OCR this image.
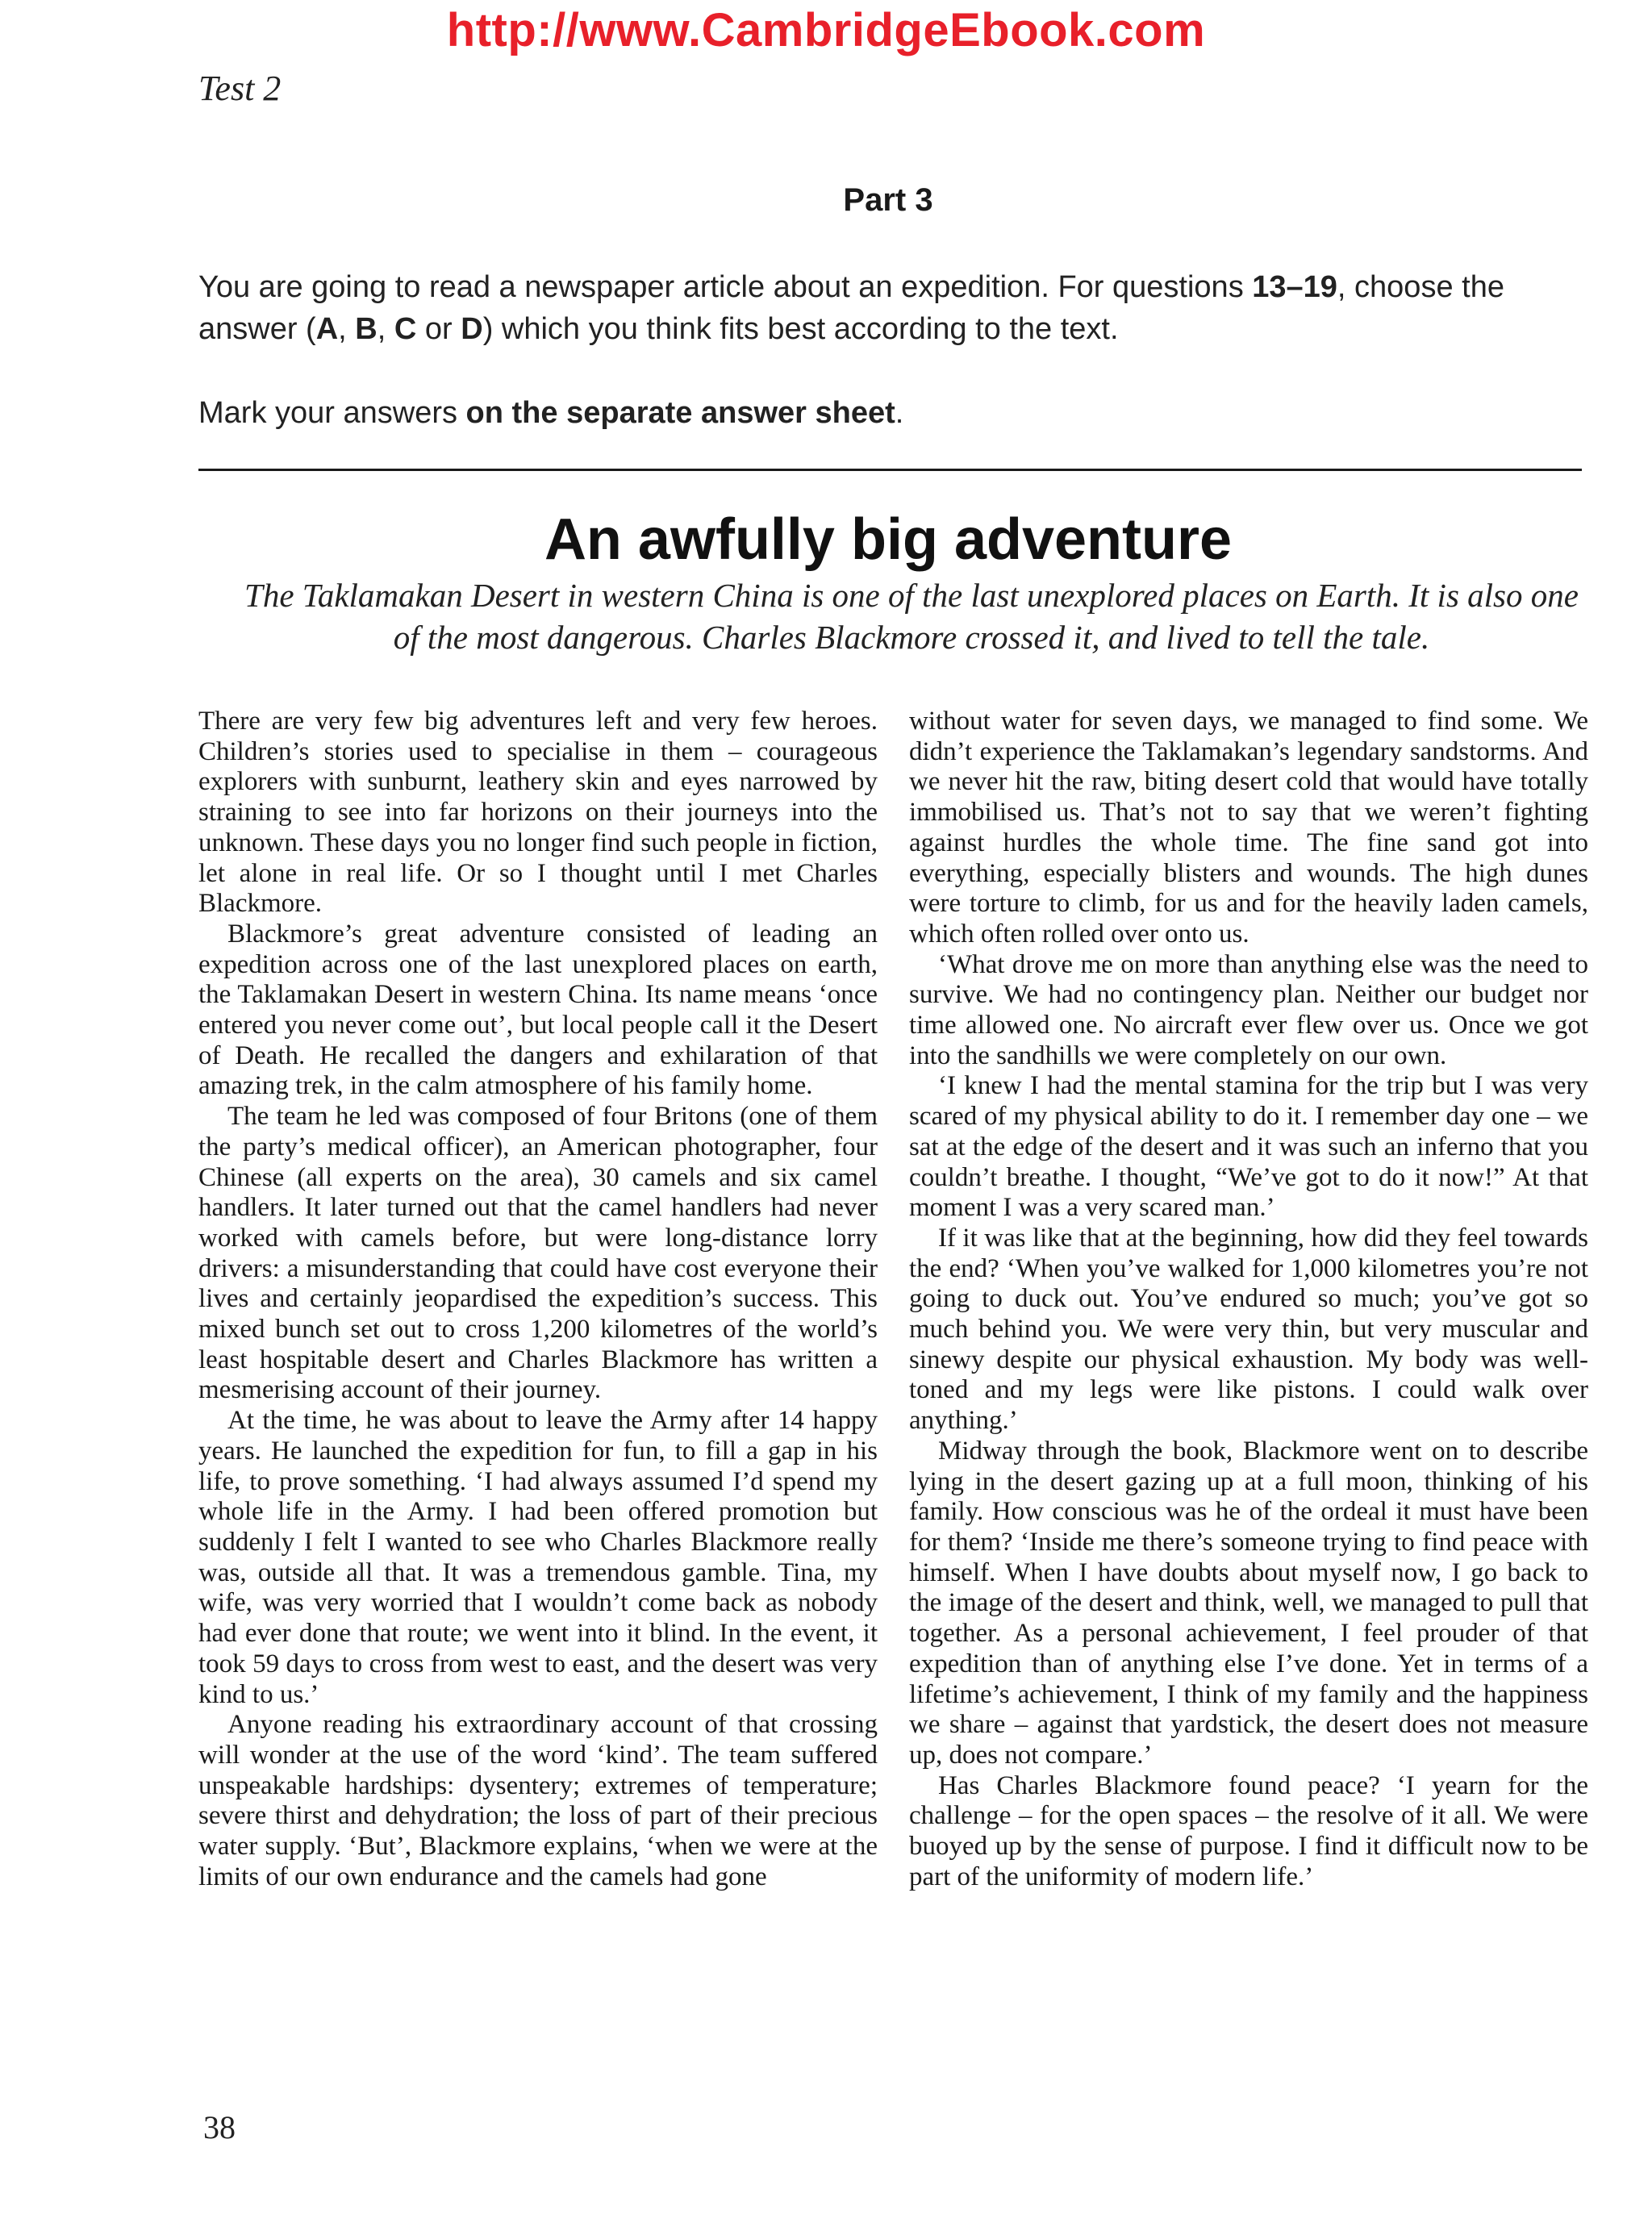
http://www.CambridgeEbook.com
Test 2
Part 3

You are going to read a newspaper article about an expedition. For questions 13–19, choose the answer (A, B, C or D) which you think fits best according to the text.

Mark your answers on the separate answer sheet.

An awfully big adventure
The Taklamakan Desert in western China is one of the last unexplored places on Earth. It is also one of the most dangerous. Charles Blackmore crossed it, and lived to tell the tale.

There are very few big adventures left and very few heroes. Children’s stories used to specialise in them – courageous explorers with sunburnt, leathery skin and eyes narrowed by straining to see into far horizons on their journeys into the unknown. These days you no longer find such people in fiction, let alone in real life. Or so I thought until I met Charles Blackmore.

Blackmore’s great adventure consisted of leading an expedition across one of the last unexplored places on earth, the Taklamakan Desert in western China. Its name means ‘once entered you never come out’, but local people call it the Desert of Death. He recalled the dangers and exhilaration of that amazing trek, in the calm atmosphere of his family home.

The team he led was composed of four Britons (one of them the party’s medical officer), an American photographer, four Chinese (all experts on the area), 30 camels and six camel handlers. It later turned out that the camel handlers had never worked with camels before, but were long-distance lorry drivers: a misunderstanding that could have cost everyone their lives and certainly jeopardised the expedition’s success. This mixed bunch set out to cross 1,200 kilometres of the world’s least hospitable desert and Charles Blackmore has written a mesmerising account of their journey.

At the time, he was about to leave the Army after 14 happy years. He launched the expedition for fun, to fill a gap in his life, to prove something. ‘I had always assumed I’d spend my whole life in the Army. I had been offered promotion but suddenly I felt I wanted to see who Charles Blackmore really was, outside all that. It was a tremendous gamble. Tina, my wife, was very worried that I wouldn’t come back as nobody had ever done that route; we went into it blind. In the event, it took 59 days to cross from west to east, and the desert was very kind to us.’

Anyone reading his extraordinary account of that crossing will wonder at the use of the word ‘kind’. The team suffered unspeakable hardships: dysentery; extremes of temperature; severe thirst and dehydration; the loss of part of their precious water supply. ‘But’, Blackmore explains, ‘when we were at the limits of our own endurance and the camels had gone

without water for seven days, we managed to find some. We didn’t experience the Taklamakan’s legendary sandstorms. And we never hit the raw, biting desert cold that would have totally immobilised us. That’s not to say that we weren’t fighting against hurdles the whole time. The fine sand got into everything, especially blisters and wounds. The high dunes were torture to climb, for us and for the heavily laden camels, which often rolled over onto us.

‘What drove me on more than anything else was the need to survive. We had no contingency plan. Neither our budget nor time allowed one. No aircraft ever flew over us. Once we got into the sandhills we were completely on our own.

‘I knew I had the mental stamina for the trip but I was very scared of my physical ability to do it. I remember day one – we sat at the edge of the desert and it was such an inferno that you couldn’t breathe. I thought, “We’ve got to do it now!” At that moment I was a very scared man.’

If it was like that at the beginning, how did they feel towards the end? ‘When you’ve walked for 1,000 kilometres you’re not going to duck out. You’ve endured so much; you’ve got so much behind you. We were very thin, but very muscular and sinewy despite our physical exhaustion. My body was well-toned and my legs were like pistons. I could walk over anything.’

Midway through the book, Blackmore went on to describe lying in the desert gazing up at a full moon, thinking of his family. How conscious was he of the ordeal it must have been for them? ‘Inside me there’s someone trying to find peace with himself. When I have doubts about myself now, I go back to the image of the desert and think, well, we managed to pull that together. As a personal achievement, I feel prouder of that expedition than of anything else I’ve done. Yet in terms of a lifetime’s achievement, I think of my family and the happiness we share – against that yardstick, the desert does not measure up, does not compare.’

Has Charles Blackmore found peace? ‘I yearn for the challenge – for the open spaces – the resolve of it all. We were buoyed up by the sense of purpose. I find it difficult now to be part of the uniformity of modern life.’

38
